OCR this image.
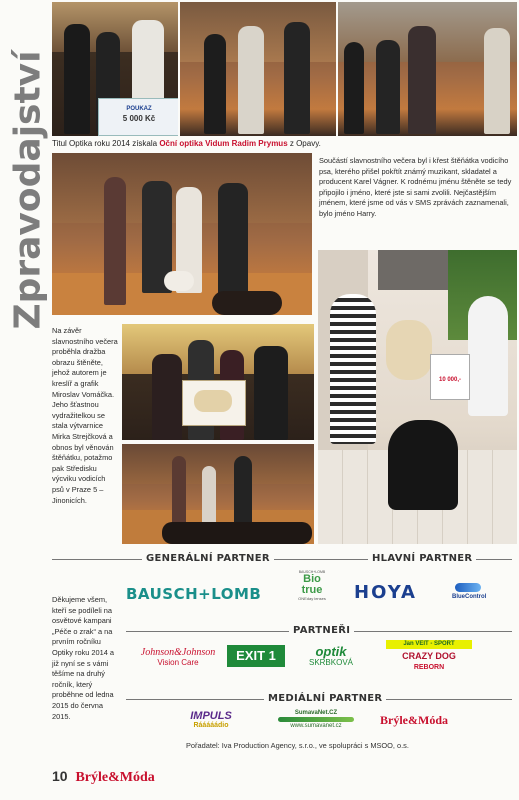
Zpravodajství	POUKAZ
5 000 Kč
Titul Optika roku 2014 získala Oční optika Vidum Radim Prymus z Opavy.
Součástí slavnostního večera byl i křest štěňátka vodicího psa, kterého přišel pokřtít známý muzikant, skladatel a producent Karel Vágner. K rodnému jménu štěněte se tedy připojilo i jméno, které jste si sami zvolili. Nejčastějším jménem, které jsme od vás v SMS zprávách zaznamenali, bylo jméno Harry.
10 000,-
Na závěr slavnostního večera proběhla dražba obrazu štěněte, jehož autorem je kreslíř a grafik Miroslav Vomáčka. Jeho šťastnou vydražitelkou se stala výtvarnice Mirka Strejčková a obnos byl věnován štěňátku, potažmo pak Středisku výcviku vodicích psů v Praze 5 – Jinonicích.
GENERÁLNÍ PARTNER	HLAVNÍ PARTNER
BAUSCH+LOMB
BAUSCH+LOMB
Bio true
ONEday lenses	HOYA	BlueControl
Děkujeme všem, kteří se podíleli na osvětové kampani „Péče o zrak“ a na prvním ročníku Optiky roku 2014 a již nyní se s vámi těšíme na druhý ročník, který proběhne od ledna 2015 do června 2015.
PARTNEŘI
Johnson&Johnson
Vision Care	EXIT 1	optik
SKRBKOVÁ
Jan VEIT - SPORT
CRAZY DOG
REBORN
MEDIÁLNÍ PARTNER
IMPULS
Rááááádio
SumavaNet.CZ
www.sumavanet.cz	Brýle&Móda
Pořadatel: Iva Production Agency, s.r.o., ve spolupráci s MSOO, o.s.
10 Brýle&Móda
